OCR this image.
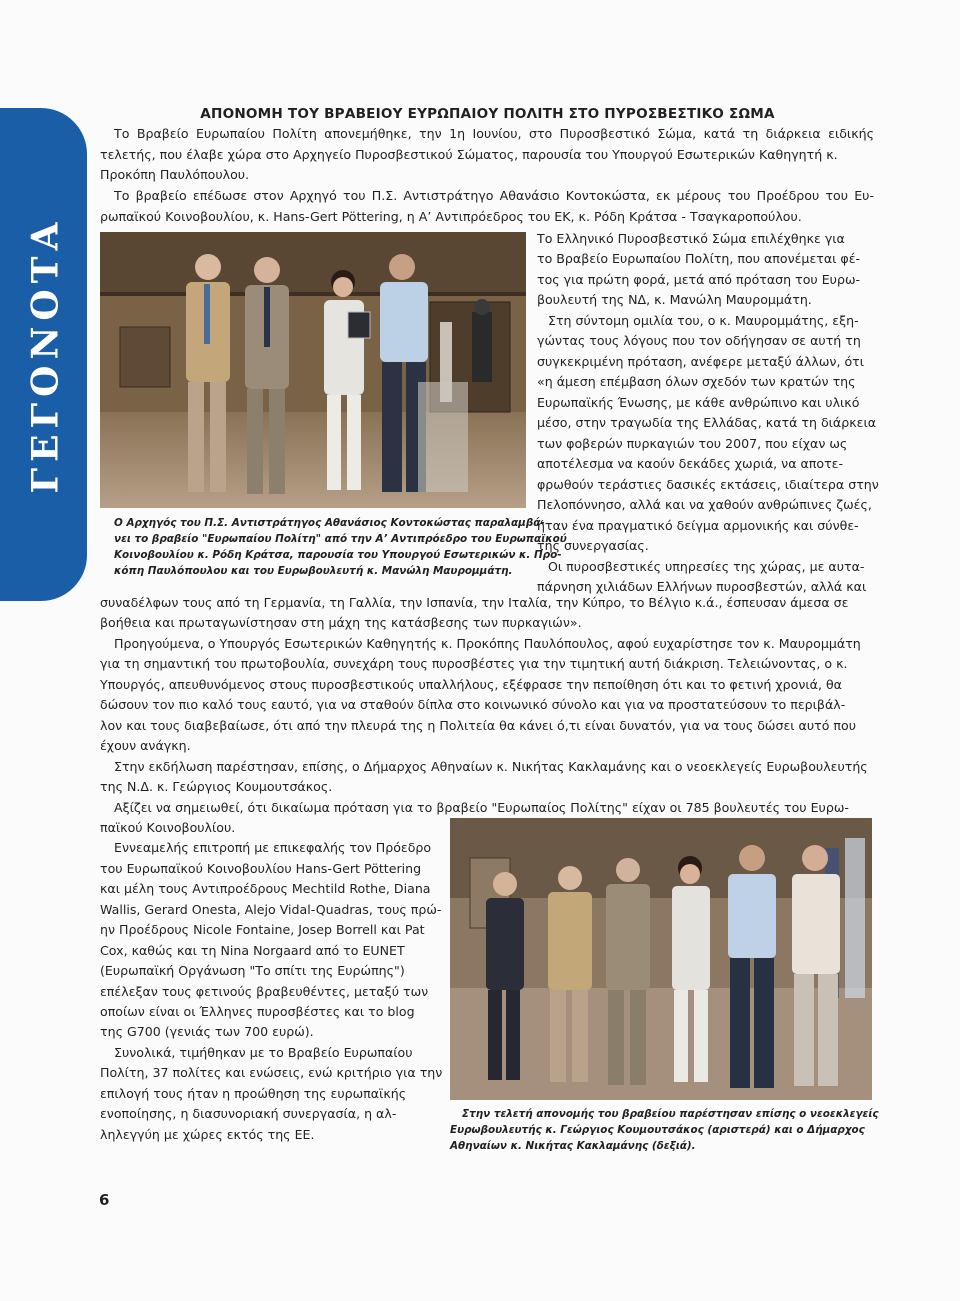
ΓΕΓΟΝΟΤΑ
ΑΠΟΝΟΜΗ ΤΟΥ ΒΡΑΒΕΙΟΥ ΕΥΡΩΠΑΙΟΥ ΠΟΛΙΤΗ ΣΤΟ ΠΥΡΟΣΒΕΣΤΙΚΟ ΣΩΜΑ
Το Βραβείο Ευρωπαίου Πολίτη απονεμήθηκε, την 1η Ιουνίου, στο Πυροσβεστικό Σώμα, κατά τη διάρκεια ειδικής
τελετής, που έλαβε χώρα στο Αρχηγείο Πυροσβεστικού Σώματος, παρουσία του Υπουργού Εσωτερικών Καθηγητή κ.
Προκόπη Παυλόπουλου.
Το βραβείο επέδωσε στον Αρχηγό του Π.Σ. Αντιστράτηγο Αθανάσιο Κοντοκώστα, εκ μέρους του Προέδρου του Ευ-
ρωπαϊκού Κοινοβουλίου, κ. Hans-Gert Pöttering, η Α’ Αντιπρόεδρος του ΕΚ, κ. Ρόδη Κράτσα - Τσαγκαροπούλου.
Το Ελληνικό Πυροσβεστικό Σώμα επιλέχθηκε για
το Βραβείο Ευρωπαίου Πολίτη, που απονέμεται φέ-
τος για πρώτη φορά, μετά από πρόταση του Ευρω-
βουλευτή της ΝΔ, κ. Μανώλη Μαυρομμάτη.
Στη σύντομη ομιλία του, ο κ. Μαυρομμάτης, εξη-
γώντας τους λόγους που τον οδήγησαν σε αυτή τη
συγκεκριμένη πρόταση, ανέφερε μεταξύ άλλων, ότι
«η άμεση επέμβαση όλων σχεδόν των κρατών της
Ευρωπαϊκής Ένωσης, με κάθε ανθρώπινο και υλικό
μέσο, στην τραγωδία της Ελλάδας, κατά τη διάρκεια
των φοβερών πυρκαγιών του 2007, που είχαν ως
αποτέλεσμα να καούν δεκάδες χωριά, να αποτε-
φρωθούν τεράστιες δασικές εκτάσεις, ιδιαίτερα στην
Πελοπόννησο, αλλά και να χαθούν ανθρώπινες ζωές,
ήταν ένα πραγματικό δείγμα αρμονικής και σύνθε-
της συνεργασίας.
Οι πυροσβεστικές υπηρεσίες της χώρας, με αυτα-
πάρνηση χιλιάδων Ελλήνων πυροσβεστών, αλλά και
Ο Αρχηγός του Π.Σ. Αντιστράτηγος Αθανάσιος Κοντοκώστας παραλαμβά-
νει το βραβείο "Ευρωπαίου Πολίτη" από την Α’ Αντιπρόεδρο του Ευρωπαϊκού
Κοινοβουλίου κ. Ρόδη Κράτσα, παρουσία του Υπουργού Εσωτερικών κ. Προ-
κόπη Παυλόπουλου και του Ευρωβουλευτή κ. Μανώλη Μαυρομμάτη.
συναδέλφων τους από τη Γερμανία, τη Γαλλία, την Ισπανία, την Ιταλία, την Κύπρο, το Βέλγιο κ.ά., έσπευσαν άμεσα σε
βοήθεια και πρωταγωνίστησαν στη μάχη της κατάσβεσης των πυρκαγιών».
Προηγούμενα, ο Υπουργός Εσωτερικών Καθηγητής κ. Προκόπης Παυλόπουλος, αφού ευχαρίστησε τον κ. Μαυρομμάτη
για τη σημαντική του πρωτοβουλία, συνεχάρη τους πυροσβέστες για την τιμητική αυτή διάκριση. Τελειώνοντας, ο κ.
Υπουργός, απευθυνόμενος στους πυροσβεστικούς υπαλλήλους, εξέφρασε την πεποίθηση ότι και το φετινή χρονιά, θα
δώσουν τον πιο καλό τους εαυτό, για να σταθούν δίπλα στο κοινωνικό σύνολο και για να προστατεύσουν το περιβάλ-
λον και τους διαβεβαίωσε, ότι από την πλευρά της η Πολιτεία θα κάνει ό,τι είναι δυνατόν, για να τους δώσει αυτό που
έχουν ανάγκη.
Στην εκδήλωση παρέστησαν, επίσης, ο Δήμαρχος Αθηναίων κ. Νικήτας Κακλαμάνης και ο νεοεκλεγείς Ευρωβουλευτής
της Ν.Δ. κ. Γεώργιος Κουμουτσάκος.
Αξίζει να σημειωθεί, ότι δικαίωμα πρόταση για το βραβείο "Ευρωπαίος Πολίτης" είχαν οι 785 βουλευτές του Ευρω-
παϊκού Κοινοβουλίου.
Εννεαμελής επιτροπή με επικεφαλής τον Πρόεδρο
του Ευρωπαϊκού Κοινοβουλίου Hans-Gert Pöttering
και μέλη τους Αντιπροέδρους Mechtild Rothe, Diana
Wallis, Gerard Onesta, Alejo Vidal-Quadras, τους πρώ-
ην Προέδρους Nicole Fontaine, Josep Borrell και Pat
Cox, καθώς και τη Nina Norgaard από το EUNET
(Ευρωπαϊκή Οργάνωση "Το σπίτι της Ευρώπης")
επέλεξαν τους φετινούς βραβευθέντες, μεταξύ των
οποίων είναι οι Έλληνες πυροσβέστες και το blog
της G700 (γενιάς των 700 ευρώ).
Συνολικά, τιμήθηκαν με το Βραβείο Ευρωπαίου
Πολίτη, 37 πολίτες και ενώσεις, ενώ κριτήριο για την
επιλογή τους ήταν η προώθηση της ευρωπαϊκής
ενοποίησης, η διασυνοριακή συνεργασία, η αλ-
ληλεγγύη με χώρες εκτός της ΕΕ.
Στην τελετή απονομής του βραβείου παρέστησαν επίσης ο νεοεκλεγείς
Ευρωβουλευτής κ. Γεώργιος Κουμουτσάκος (αριστερά) και ο Δήμαρχος
Αθηναίων κ. Νικήτας Κακλαμάνης (δεξιά).
6
